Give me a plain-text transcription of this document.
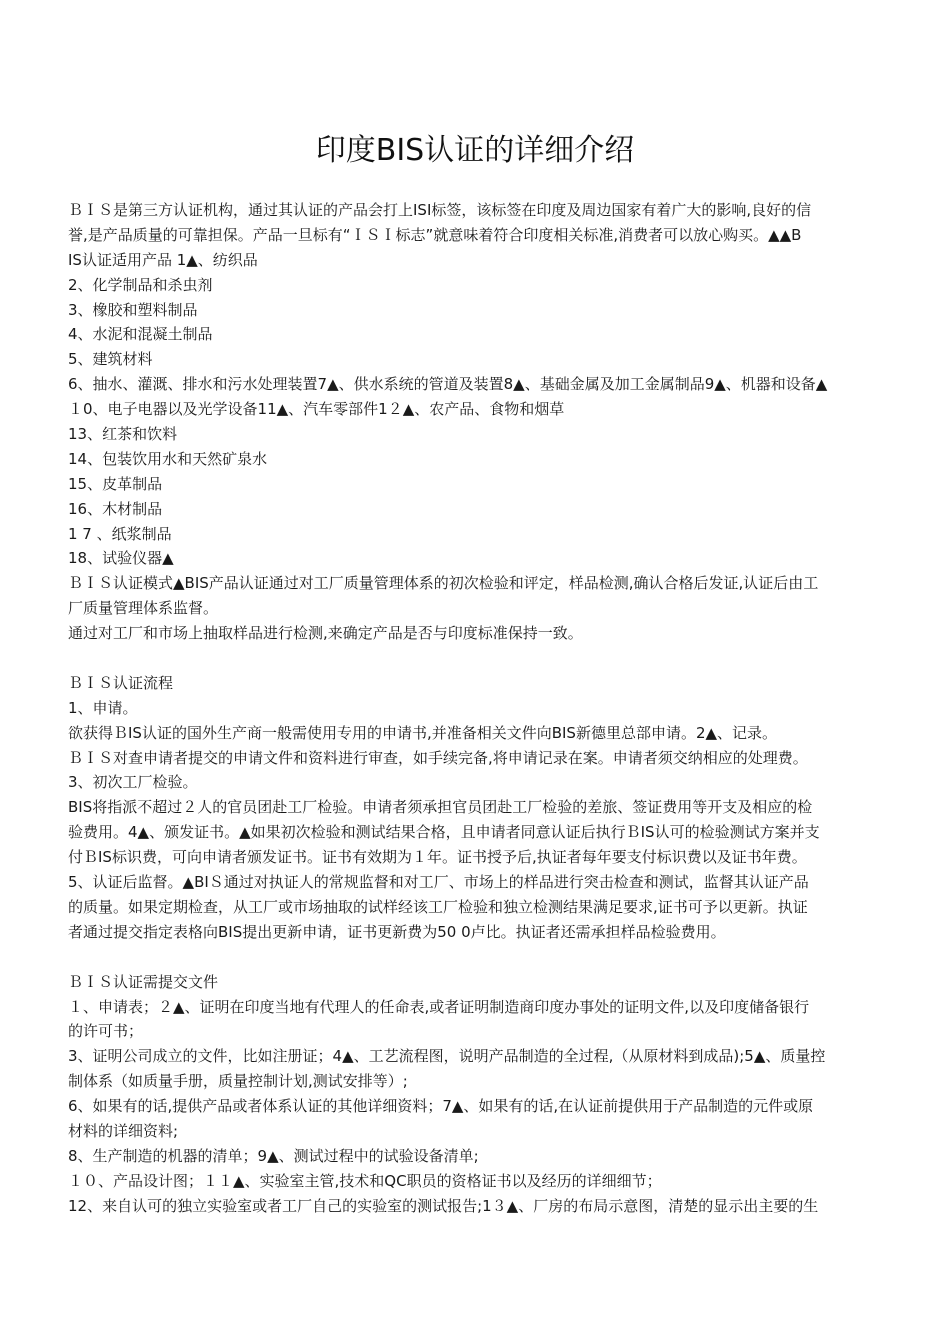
印度BIS认证的详细介绍
ＢＩＳ是第三方认证机构，通过其认证的产品会打上ISI标签，该标签在印度及周边国家有着广大的影响,良好的信
誉,是产品质量的可靠担保。产品一旦标有“ＩＳＩ标志”就意味着符合印度相关标准,消费者可以放心购买。▲▲B
IS认证适用产品 1▲、纺织品
2、化学制品和杀虫剂
3、橡胶和塑料制品
4、水泥和混凝土制品
5、建筑材料
6、抽水、灌溉、排水和污水处理装置7▲、供水系统的管道及装置8▲、基础金属及加工金属制品9▲、机器和设备▲
１0、电子电器以及光学设备11▲、汽车零部件1２▲、农产品、食物和烟草
13、红茶和饮料
14、包装饮用水和天然矿泉水
15、皮革制品
16、木材制品
1 7 、纸浆制品
18、试验仪器▲
ＢＩＳ认证模式▲BIS产品认证通过对工厂质量管理体系的初次检验和评定，样品检测,确认合格后发证,认证后由工
厂质量管理体系监督。
通过对工厂和市场上抽取样品进行检测,来确定产品是否与印度标准保持一致。
ＢＩＳ认证流程
1、申请。
欲获得ＢIS认证的国外生产商一般需使用专用的申请书,并准备相关文件向BIS新德里总部申请。2▲、记录。
ＢＩＳ对查申请者提交的申请文件和资料进行审查，如手续完备,将申请记录在案。申请者须交纳相应的处理费。
3、初次工厂检验。
BIS将指派不超过２人的官员团赴工厂检验。申请者须承担官员团赴工厂检验的差旅、签证费用等开支及相应的检
验费用。4▲、颁发证书。▲如果初次检验和测试结果合格，且申请者同意认证后执行ＢIS认可的检验测试方案并支
付ＢIS标识费，可向申请者颁发证书。证书有效期为１年。证书授予后,执证者每年要支付标识费以及证书年费。
5、认证后监督。▲BIＳ通过对执证人的常规监督和对工厂、市场上的样品进行突击检查和测试，监督其认证产品
的质量。如果定期检查，从工厂或市场抽取的试样经该工厂检验和独立检测结果满足要求,证书可予以更新。执证
者通过提交指定表格向BIS提出更新申请，证书更新费为50 0卢比。执证者还需承担样品检验费用。
ＢＩＳ认证需提交文件
１、申请表；２▲、证明在印度当地有代理人的任命表,或者证明制造商印度办事处的证明文件,以及印度储备银行
的许可书；
3、证明公司成立的文件，比如注册证；4▲、工艺流程图，说明产品制造的全过程,（从原材料到成品);5▲、质量控
制体系（如质量手册，质量控制计划,测试安排等）;
6、如果有的话,提供产品或者体系认证的其他详细资料；7▲、如果有的话,在认证前提供用于产品制造的元件或原
材料的详细资料;
8、生产制造的机器的清单；9▲、测试过程中的试验设备清单;
１０、产品设计图；１１▲、实验室主管,技术和QC职员的资格证书以及经历的详细细节；
12、来自认可的独立实验室或者工厂自己的实验室的测试报告;1３▲、厂房的布局示意图，清楚的显示出主要的生
